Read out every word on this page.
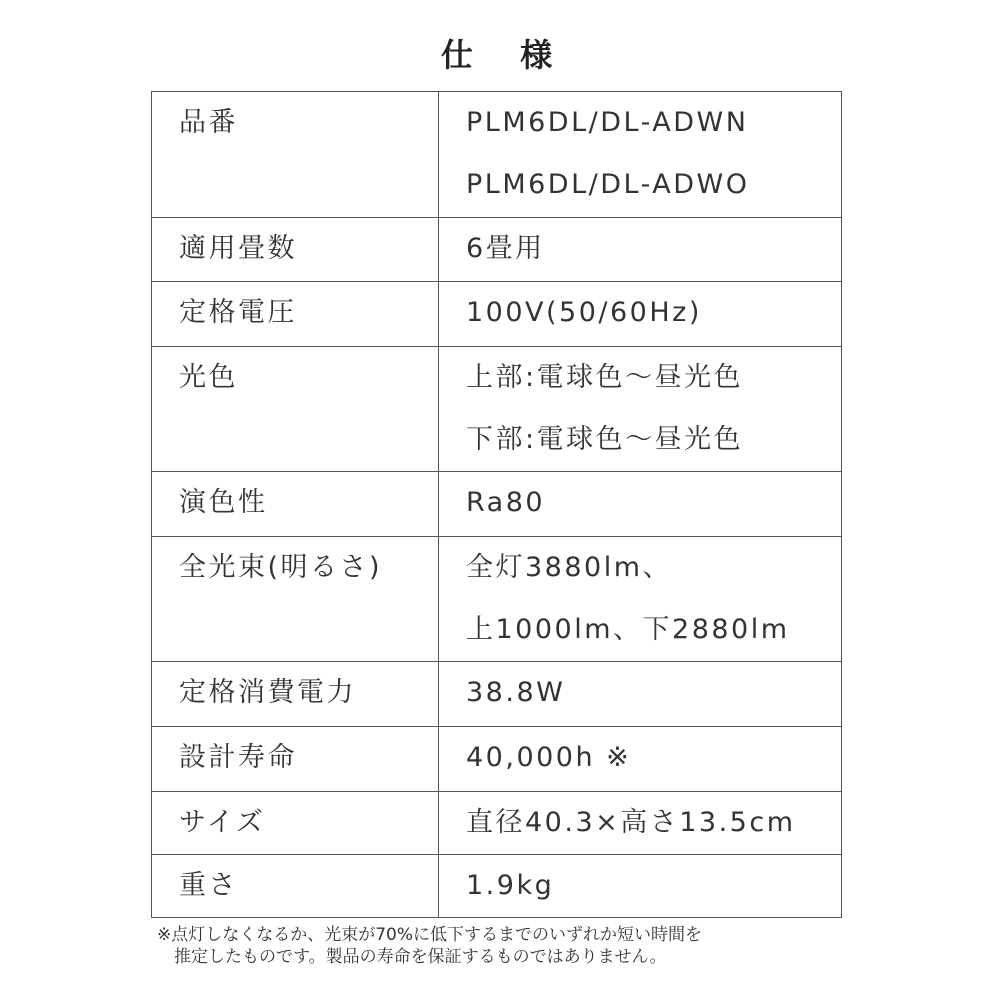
仕 様
品番	PLM6DL/DL-ADWN
PLM6DL/DL-ADWO

適用畳数	6畳用

定格電圧	100V(50/60Hz)

光色	上部:電球色～昼光色
下部:電球色～昼光色

演色性	Ra80

全光束(明るさ)	全灯3880lm、
上1000lm、下2880lm

定格消費電力	38.8W

設計寿命	40,000h ※

サイズ	直径40.3×高さ13.5cm

重さ	1.9kg
※点灯しなくなるか、光束が70%に低下するまでのいずれか短い時間を
推定したものです。製品の寿命を保証するものではありません。
